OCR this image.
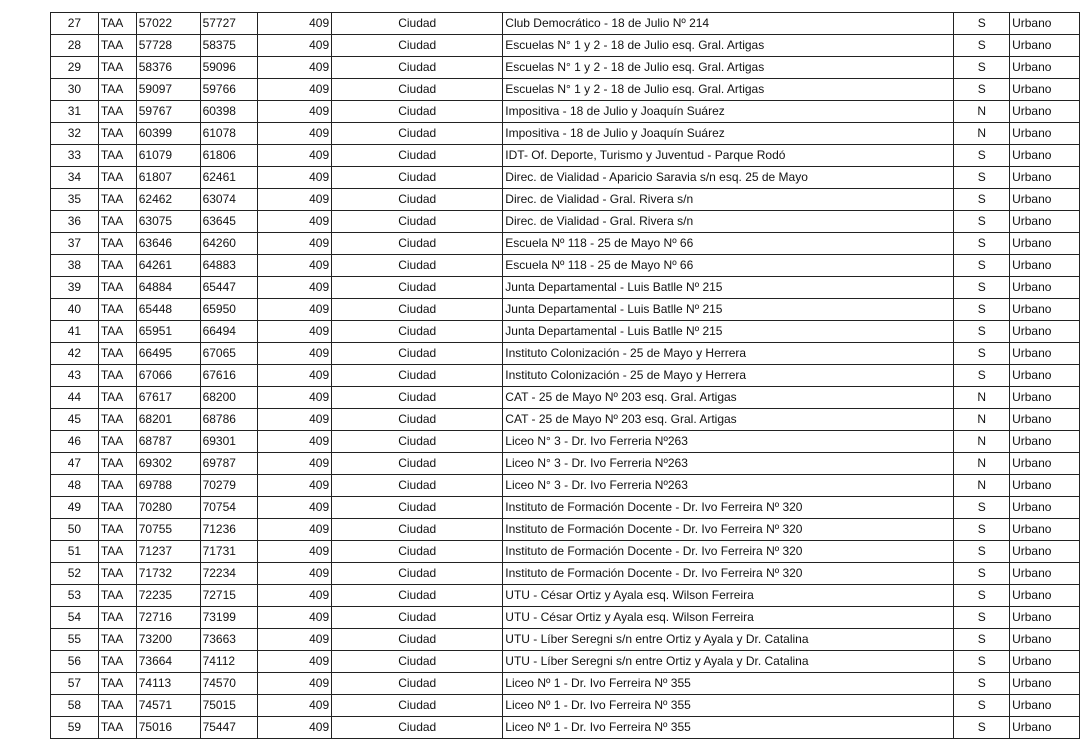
27	TAA	57022	57727	409	Ciudad	Club Democrático - 18 de Julio Nº 214	S	Urbano
28	TAA	57728	58375	409	Ciudad	Escuelas N° 1 y 2 - 18 de Julio esq. Gral. Artigas	S	Urbano
29	TAA	58376	59096	409	Ciudad	Escuelas N° 1 y 2 - 18 de Julio esq. Gral. Artigas	S	Urbano
30	TAA	59097	59766	409	Ciudad	Escuelas N° 1 y 2 - 18 de Julio esq. Gral. Artigas	S	Urbano
31	TAA	59767	60398	409	Ciudad	Impositiva - 18 de Julio y Joaquín Suárez	N	Urbano
32	TAA	60399	61078	409	Ciudad	Impositiva - 18 de Julio y Joaquín Suárez	N	Urbano
33	TAA	61079	61806	409	Ciudad	IDT- Of. Deporte, Turismo y Juventud - Parque Rodó	S	Urbano
34	TAA	61807	62461	409	Ciudad	Direc. de Vialidad - Aparicio Saravia s/n esq. 25 de Mayo	S	Urbano
35	TAA	62462	63074	409	Ciudad	Direc. de Vialidad - Gral. Rivera s/n	S	Urbano
36	TAA	63075	63645	409	Ciudad	Direc. de Vialidad - Gral. Rivera s/n	S	Urbano
37	TAA	63646	64260	409	Ciudad	Escuela Nº 118 - 25 de Mayo Nº 66	S	Urbano
38	TAA	64261	64883	409	Ciudad	Escuela Nº 118 - 25 de Mayo Nº 66	S	Urbano
39	TAA	64884	65447	409	Ciudad	Junta Departamental - Luis Batlle Nº 215	S	Urbano
40	TAA	65448	65950	409	Ciudad	Junta Departamental - Luis Batlle Nº 215	S	Urbano
41	TAA	65951	66494	409	Ciudad	Junta Departamental - Luis Batlle Nº 215	S	Urbano
42	TAA	66495	67065	409	Ciudad	Instituto Colonización - 25 de Mayo y Herrera	S	Urbano
43	TAA	67066	67616	409	Ciudad	Instituto Colonización - 25 de Mayo y Herrera	S	Urbano
44	TAA	67617	68200	409	Ciudad	CAT - 25 de Mayo Nº 203 esq. Gral. Artigas	N	Urbano
45	TAA	68201	68786	409	Ciudad	CAT - 25 de Mayo Nº 203 esq. Gral. Artigas	N	Urbano
46	TAA	68787	69301	409	Ciudad	Liceo N° 3 - Dr. Ivo Ferreria Nº263	N	Urbano
47	TAA	69302	69787	409	Ciudad	Liceo N° 3 - Dr. Ivo Ferreria Nº263	N	Urbano
48	TAA	69788	70279	409	Ciudad	Liceo N° 3 - Dr. Ivo Ferreria Nº263	N	Urbano
49	TAA	70280	70754	409	Ciudad	Instituto de Formación Docente - Dr. Ivo Ferreira Nº 320	S	Urbano
50	TAA	70755	71236	409	Ciudad	Instituto de Formación Docente - Dr. Ivo Ferreira Nº 320	S	Urbano
51	TAA	71237	71731	409	Ciudad	Instituto de Formación Docente - Dr. Ivo Ferreira Nº 320	S	Urbano
52	TAA	71732	72234	409	Ciudad	Instituto de Formación Docente - Dr. Ivo Ferreira Nº 320	S	Urbano
53	TAA	72235	72715	409	Ciudad	UTU - César Ortiz y Ayala esq. Wilson Ferreira	S	Urbano
54	TAA	72716	73199	409	Ciudad	UTU - César Ortiz y Ayala esq. Wilson Ferreira	S	Urbano
55	TAA	73200	73663	409	Ciudad	UTU - Líber Seregni s/n entre Ortiz y Ayala y Dr. Catalina	S	Urbano
56	TAA	73664	74112	409	Ciudad	UTU - Líber Seregni s/n entre Ortiz y Ayala y Dr. Catalina	S	Urbano
57	TAA	74113	74570	409	Ciudad	Liceo Nº 1 - Dr. Ivo Ferreira Nº 355	S	Urbano
58	TAA	74571	75015	409	Ciudad	Liceo Nº 1 - Dr. Ivo Ferreira Nº 355	S	Urbano
59	TAA	75016	75447	409	Ciudad	Liceo Nº 1 - Dr. Ivo Ferreira Nº 355	S	Urbano
